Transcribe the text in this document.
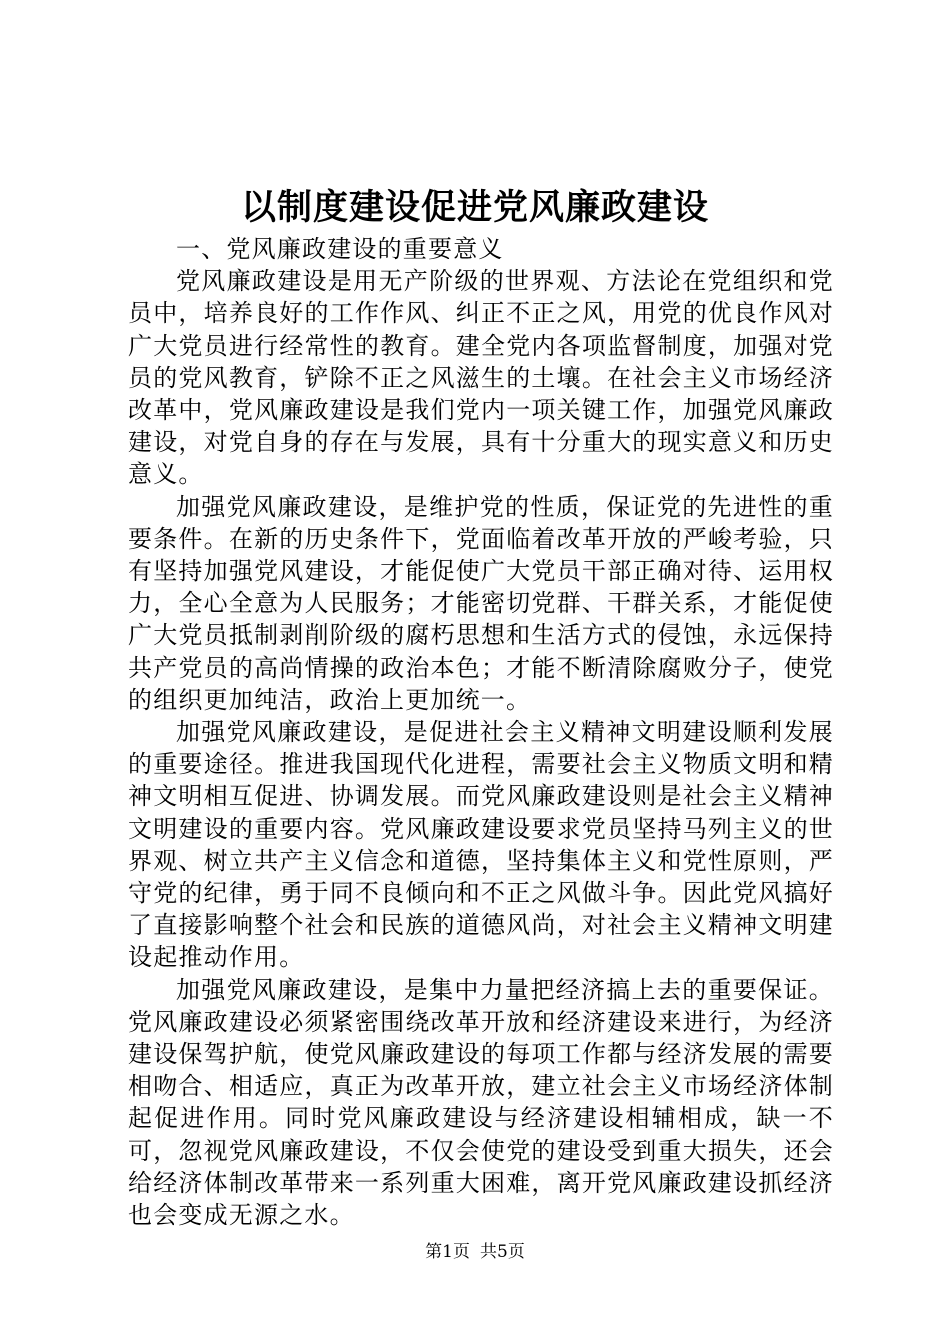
以制度建设促进党风廉政建设

一、党风廉政建设的重要意义

党风廉政建设是用无产阶级的世界观、方法论在党组织和党员中，培养良好的工作作风、纠正不正之风，用党的优良作风对广大党员进行经常性的教育。建全党内各项监督制度，加强对党员的党风教育，铲除不正之风滋生的土壤。在社会主义市场经济改革中，党风廉政建设是我们党内一项关键工作，加强党风廉政建设，对党自身的存在与发展，具有十分重大的现实意义和历史意义。

加强党风廉政建设，是维护党的性质，保证党的先进性的重要条件。在新的历史条件下，党面临着改革开放的严峻考验，只有坚持加强党风建设，才能促使广大党员干部正确对待、运用权力，全心全意为人民服务；才能密切党群、干群关系，才能促使广大党员抵制剥削阶级的腐朽思想和生活方式的侵蚀，永远保持共产党员的高尚情操的政治本色；才能不断清除腐败分子，使党的组织更加纯洁，政治上更加统一。

加强党风廉政建设，是促进社会主义精神文明建设顺利发展的重要途径。推进我国现代化进程，需要社会主义物质文明和精神文明相互促进、协调发展。而党风廉政建设则是社会主义精神文明建设的重要内容。党风廉政建设要求党员坚持马列主义的世界观、树立共产主义信念和道德，坚持集体主义和党性原则，严守党的纪律，勇于同不良倾向和不正之风做斗争。因此党风搞好了直接影响整个社会和民族的道德风尚，对社会主义精神文明建设起推动作用。

加强党风廉政建设，是集中力量把经济搞上去的重要保证。党风廉政建设必须紧密围绕改革开放和经济建设来进行，为经济建设保驾护航，使党风廉政建设的每项工作都与经济发展的需要相吻合、相适应，真正为改革开放，建立社会主义市场经济体制起促进作用。同时党风廉政建设与经济建设相辅相成，缺一不可，忽视党风廉政建设，不仅会使党的建设受到重大损失，还会给经济体制改革带来一系列重大困难，离开党风廉政建设抓经济也会变成无源之水。

第1页 共5页
